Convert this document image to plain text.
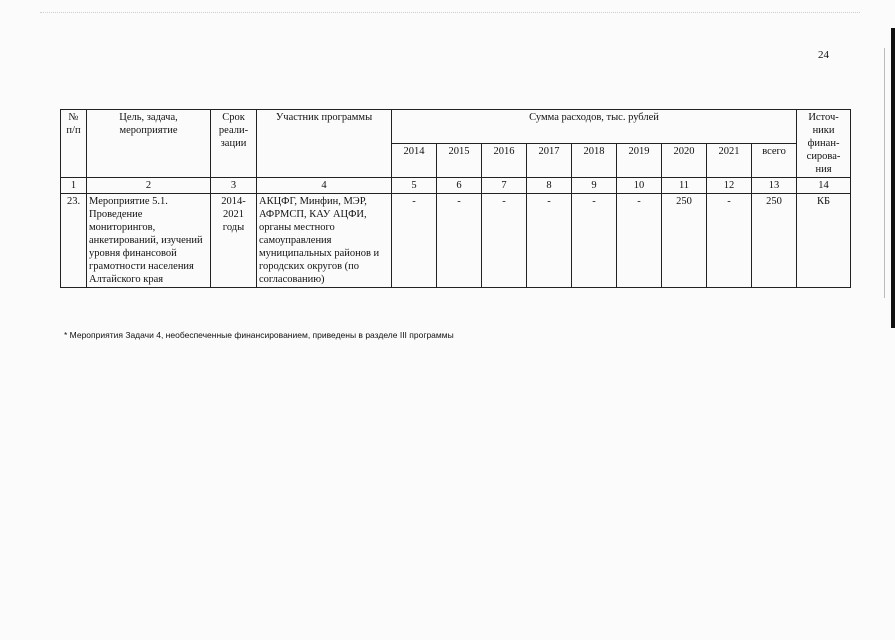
24
№ п/п	Цель, задача, мероприятие	Срок реали-зации	Участник программы	Сумма расходов, тыс. рублей									Источ-ники финан-сирова-ния
				2014	2015	2016	2017	2018	2019	2020	2021	всего	
1	2	3	4	5	6	7	8	9	10	11	12	13	14
23.	Мероприятие 5.1. Проведение мониторингов, анкетирований, изучений уровня финансовой грамотности населения Алтайского края	2014-2021 годы	АКЦФГ, Минфин, МЭР, АФРМСП, КАУ АЦФИ, органы местного самоуправления муниципальных районов и городских округов (по согласованию)	-	-	-	-	-	-	250	-	250	КБ
* Мероприятия Задачи 4, необеспеченные финансированием, приведены в разделе III программы
